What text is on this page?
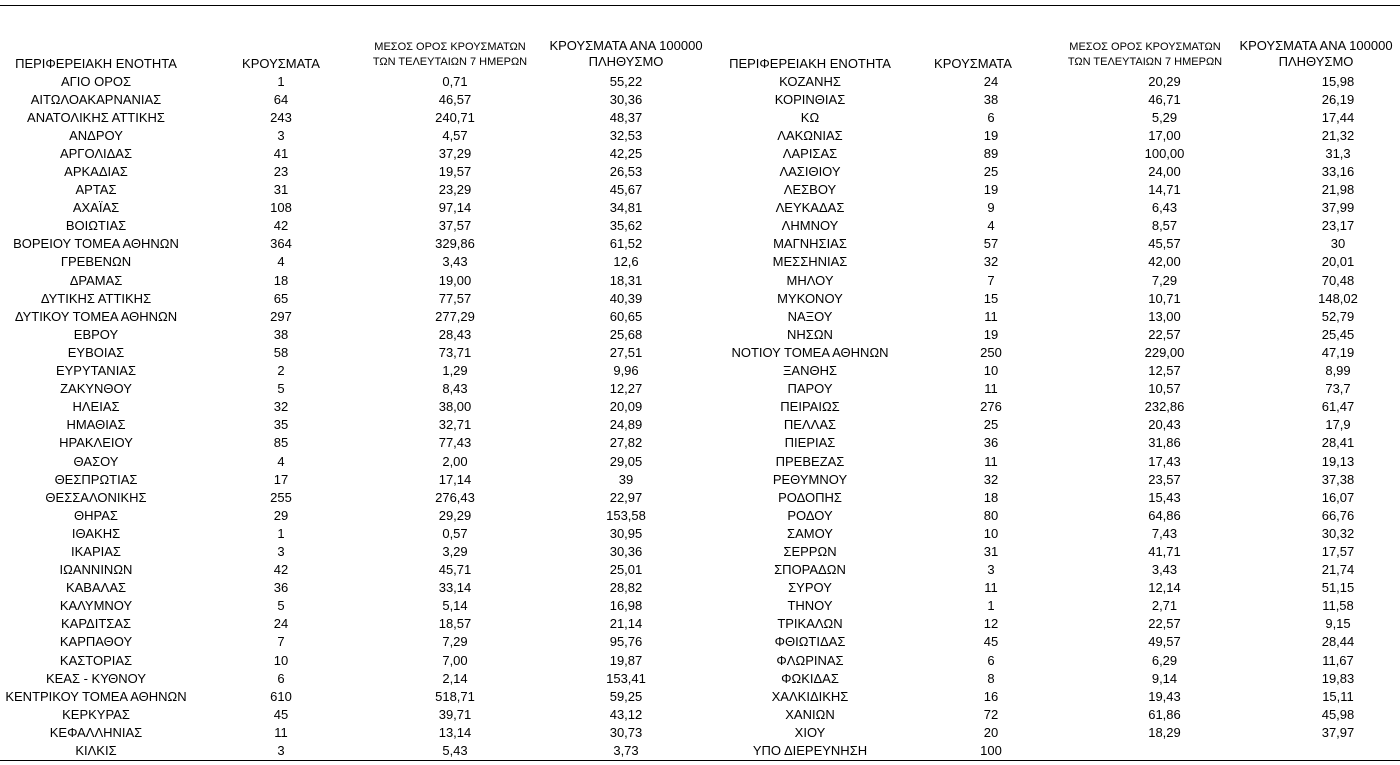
ΠΕΡΙΦΕΡΕΙΑΚΗ ΕΝΟΤΗΤΑ	ΚΡΟΥΣΜΑΤΑ
ΜΕΣΟΣ ΟΡΟΣ ΚΡΟΥΣΜΑΤΩΝ
ΤΩΝ ΤΕΛΕΥΤΑΙΩΝ 7 ΗΜΕΡΩΝ
ΚΡΟΥΣΜΑΤΑ ΑΝΑ 100000
ΠΛΗΘΥΣΜΟ
ΑΓΙΟ ΟΡΟΣ	1	0,71	55,22
ΑΙΤΩΛΟΑΚΑΡΝΑΝΙΑΣ	64	46,57	30,36
ΑΝΑΤΟΛΙΚΗΣ ΑΤΤΙΚΗΣ	243	240,71	48,37
ΑΝΔΡΟΥ	3	4,57	32,53
ΑΡΓΟΛΙΔΑΣ	41	37,29	42,25
ΑΡΚΑΔΙΑΣ	23	19,57	26,53
ΑΡΤΑΣ	31	23,29	45,67
ΑΧΑΪΑΣ	108	97,14	34,81
ΒΟΙΩΤΙΑΣ	42	37,57	35,62
ΒΟΡΕΙΟΥ ΤΟΜΕΑ ΑΘΗΝΩΝ	364	329,86	61,52
ΓΡΕΒΕΝΩΝ	4	3,43	12,6
ΔΡΑΜΑΣ	18	19,00	18,31
ΔΥΤΙΚΗΣ ΑΤΤΙΚΗΣ	65	77,57	40,39
ΔΥΤΙΚΟΥ ΤΟΜΕΑ ΑΘΗΝΩΝ	297	277,29	60,65
ΕΒΡΟΥ	38	28,43	25,68
ΕΥΒΟΙΑΣ	58	73,71	27,51
ΕΥΡΥΤΑΝΙΑΣ	2	1,29	9,96
ΖΑΚΥΝΘΟΥ	5	8,43	12,27
ΗΛΕΙΑΣ	32	38,00	20,09
ΗΜΑΘΙΑΣ	35	32,71	24,89
ΗΡΑΚΛΕΙΟΥ	85	77,43	27,82
ΘΑΣΟΥ	4	2,00	29,05
ΘΕΣΠΡΩΤΙΑΣ	17	17,14	39
ΘΕΣΣΑΛΟΝΙΚΗΣ	255	276,43	22,97
ΘΗΡΑΣ	29	29,29	153,58
ΙΘΑΚΗΣ	1	0,57	30,95
ΙΚΑΡΙΑΣ	3	3,29	30,36
ΙΩΑΝΝΙΝΩΝ	42	45,71	25,01
ΚΑΒΑΛΑΣ	36	33,14	28,82
ΚΑΛΥΜΝΟΥ	5	5,14	16,98
ΚΑΡΔΙΤΣΑΣ	24	18,57	21,14
ΚΑΡΠΑΘΟΥ	7	7,29	95,76
ΚΑΣΤΟΡΙΑΣ	10	7,00	19,87
ΚΕΑΣ - ΚΥΘΝΟΥ	6	2,14	153,41
ΚΕΝΤΡΙΚΟΥ ΤΟΜΕΑ ΑΘΗΝΩΝ	610	518,71	59,25
ΚΕΡΚΥΡΑΣ	45	39,71	43,12
ΚΕΦΑΛΛΗΝΙΑΣ	11	13,14	30,73
ΚΙΛΚΙΣ	3	5,43	3,73
ΠΕΡΙΦΕΡΕΙΑΚΗ ΕΝΟΤΗΤΑ	ΚΡΟΥΣΜΑΤΑ
ΜΕΣΟΣ ΟΡΟΣ ΚΡΟΥΣΜΑΤΩΝ
ΤΩΝ ΤΕΛΕΥΤΑΙΩΝ 7 ΗΜΕΡΩΝ
ΚΡΟΥΣΜΑΤΑ ΑΝΑ 100000
ΠΛΗΘΥΣΜΟ
ΚΟΖΑΝΗΣ	24	20,29	15,98
ΚΟΡΙΝΘΙΑΣ	38	46,71	26,19
ΚΩ	6	5,29	17,44
ΛΑΚΩΝΙΑΣ	19	17,00	21,32
ΛΑΡΙΣΑΣ	89	100,00	31,3
ΛΑΣΙΘΙΟΥ	25	24,00	33,16
ΛΕΣΒΟΥ	19	14,71	21,98
ΛΕΥΚΑΔΑΣ	9	6,43	37,99
ΛΗΜΝΟΥ	4	8,57	23,17
ΜΑΓΝΗΣΙΑΣ	57	45,57	30
ΜΕΣΣΗΝΙΑΣ	32	42,00	20,01
ΜΗΛΟΥ	7	7,29	70,48
ΜΥΚΟΝΟΥ	15	10,71	148,02
ΝΑΞΟΥ	11	13,00	52,79
ΝΗΣΩΝ	19	22,57	25,45
ΝΟΤΙΟΥ ΤΟΜΕΑ ΑΘΗΝΩΝ	250	229,00	47,19
ΞΑΝΘΗΣ	10	12,57	8,99
ΠΑΡΟΥ	11	10,57	73,7
ΠΕΙΡΑΙΩΣ	276	232,86	61,47
ΠΕΛΛΑΣ	25	20,43	17,9
ΠΙΕΡΙΑΣ	36	31,86	28,41
ΠΡΕΒΕΖΑΣ	11	17,43	19,13
ΡΕΘΥΜΝΟΥ	32	23,57	37,38
ΡΟΔΟΠΗΣ	18	15,43	16,07
ΡΟΔΟΥ	80	64,86	66,76
ΣΑΜΟΥ	10	7,43	30,32
ΣΕΡΡΩΝ	31	41,71	17,57
ΣΠΟΡΑΔΩΝ	3	3,43	21,74
ΣΥΡΟΥ	11	12,14	51,15
ΤΗΝΟΥ	1	2,71	11,58
ΤΡΙΚΑΛΩΝ	12	22,57	9,15
ΦΘΙΩΤΙΔΑΣ	45	49,57	28,44
ΦΛΩΡΙΝΑΣ	6	6,29	11,67
ΦΩΚΙΔΑΣ	8	9,14	19,83
ΧΑΛΚΙΔΙΚΗΣ	16	19,43	15,11
ΧΑΝΙΩΝ	72	61,86	45,98
ΧΙΟΥ	20	18,29	37,97
ΥΠΟ ΔΙΕΡΕΥΝΗΣΗ	100
